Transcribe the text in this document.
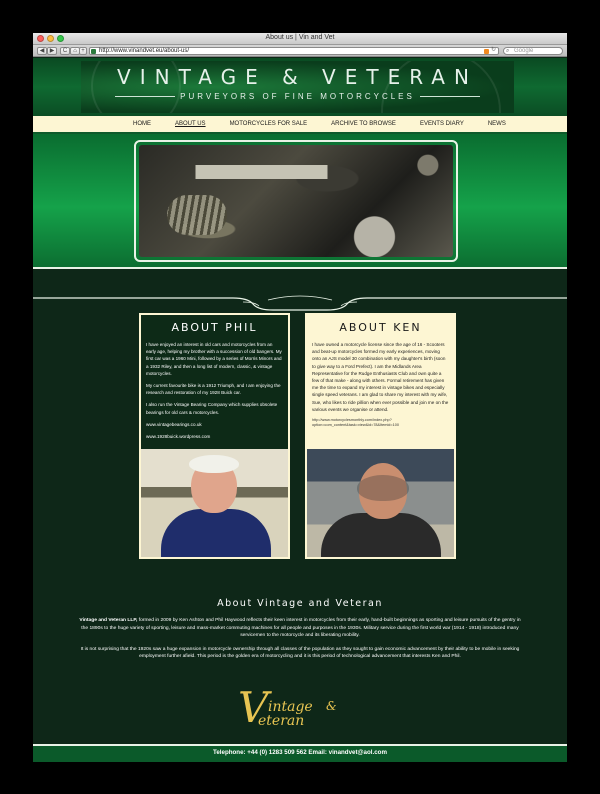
About us | Vin and Vet
◀ ▶	C	⌂ +	http://www.vinandvet.eu/about-us/	↻ ⌕ Google
VINTAGE & VETERAN
PURVEYORS OF FINE MOTORCYCLES
HOME	ABOUT US	MOTORCYCLES FOR SALE	ARCHIVE TO BROWSE	EVENTS DIARY	NEWS
ABOUT PHIL

I have enjoyed an interest in old cars and motorcycles from an early age, helping my brother with a succession of old bangers. My first car was a 1960 Mini, followed by a series of Morris Minors and a 1932 Riley, and then a long list of modern, classic, & vintage motorcycles.

My current favourite bike is a 1912 Triumph, and I am enjoying the research and restoration of my 1928 Buick car.

I also run the Vintage Bearing Company which supplies obsolete bearings for old cars & motorcycles.

www.vintagebearings.co.uk

www.1928buick.wordpress.com

ABOUT KEN

I have owned a motorcycle license since the age of 16 - Scooters and beat-up motorcycles formed my early experiences, moving onto an AJS model 30 combination with my daughter's birth (soon to give way to a Ford Prefect). I am the Midlands Area Representative for the Rudge Enthusiasts Club and own quite a few of that make - along with others. Formal retirement has given me the time to expand my interest in vintage bikes and especially single speed veterans. I am glad to share my interest with my wife, Sue, who likes to ride pillion when ever possible and join me on the various events we organise or attend.

http://www.motorcyclesmonthly.com/index.php?option=com_content&task=view&id=78&Itemid=100

About Vintage and Veteran

Vintage and Veteran LLP, formed in 2009 by Ken Ashton and Phil Haywood reflects their keen interest in motorcycles from their early, hand-built beginnings as sporting and leisure pursuits of the gentry in the 1890s to the huge variety of sporting, leisure and mass-market commuting machines for all people and purposes in the 1930s. Military service during the first world war (1914 - 1918) introduced many servicemen to the motorcycle and its liberating mobility.

It is not surprising that the 1920s saw a huge expansion in motorcycle ownership through all classes of the population as they sought to gain economic advancement by their ability to be mobile in seeking employment further afield. This period is the golden era of motorcycling and it is this period of technological advancement that interests Ken and Phil.

V intage &
eteran
Telephone: +44 (0) 1283 509 562 Email: vinandvet@aol.com
